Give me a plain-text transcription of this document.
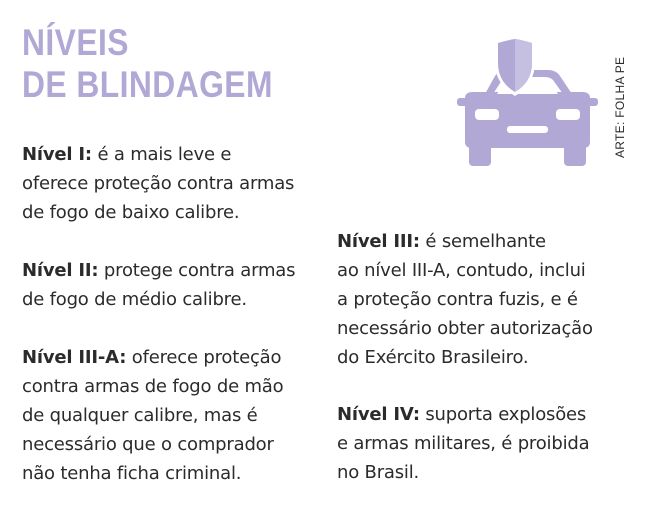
NÍVEIS
DE BLINDAGEM	ARTE: FOLHA PE

Nível I: é a mais leve e
oferece proteção contra armas
de fogo de baixo calibre.

Nível II: protege contra armas
de fogo de médio calibre.

Nível III-A: oferece proteção
contra armas de fogo de mão
de qualquer calibre, mas é
necessário que o comprador
não tenha ficha criminal.

Nível III: é semelhante
ao nível III-A, contudo, inclui
a proteção contra fuzis, e é
necessário obter autorização
do Exército Brasileiro.

Nível IV: suporta explosões
e armas militares, é proibida
no Brasil.
